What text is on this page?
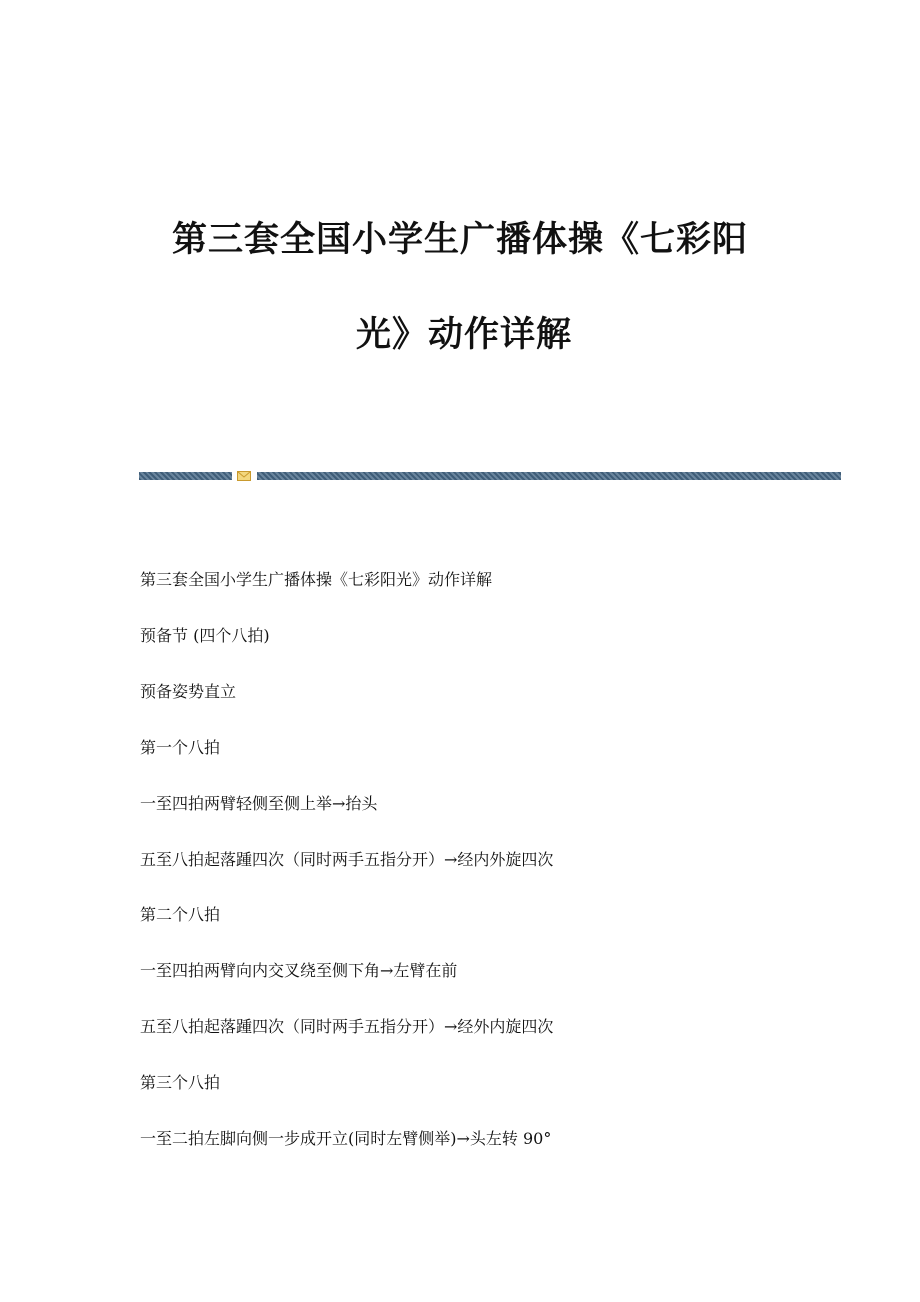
第三套全国小学生广播体操《七彩阳
光》动作详解
第三套全国小学生广播体操《七彩阳光》动作详解
预备节 (四个八拍)
预备姿势直立
第一个八拍
一至四拍两臂轻侧至侧上举→抬头
五至八拍起落踵四次（同时两手五指分开）→经内外旋四次
第二个八拍
一至四拍两臂向内交叉绕至侧下角→左臂在前
五至八拍起落踵四次（同时两手五指分开）→经外内旋四次
第三个八拍
一至二拍左脚向侧一步成开立(同时左臂侧举)→头左转 90°
